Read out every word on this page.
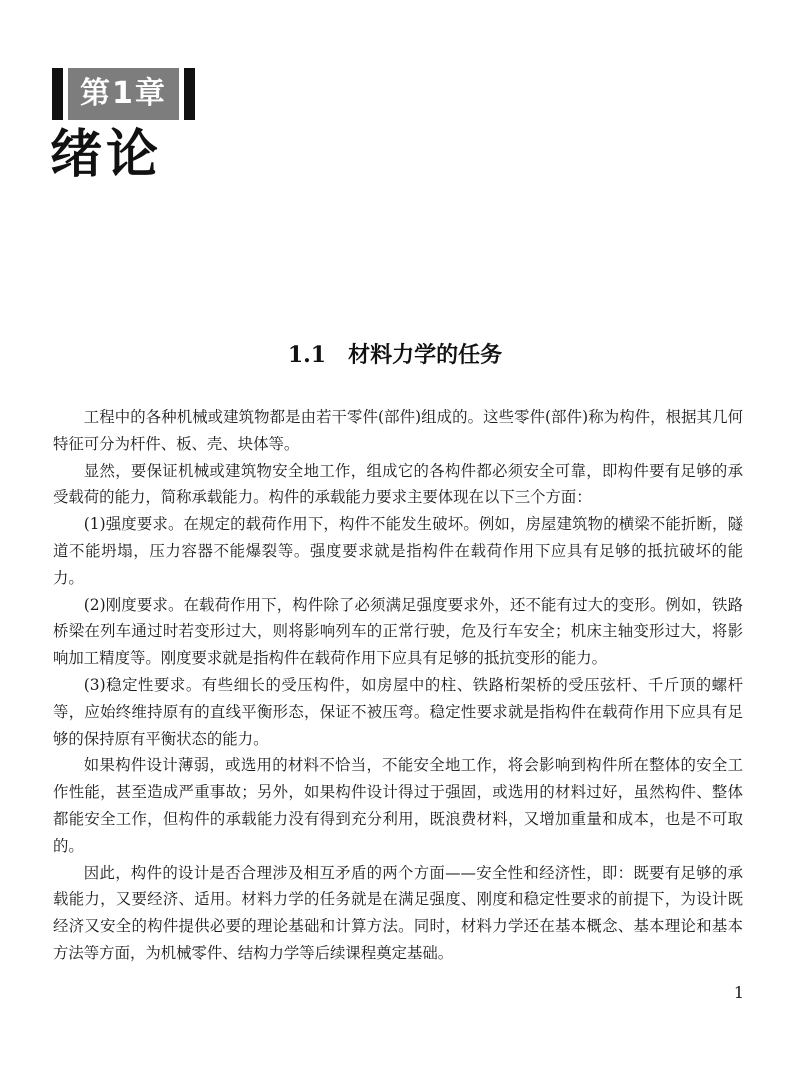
第1章
绪论
1.1 材料力学的任务

工程中的各种机械或建筑物都是由若干零件(部件)组成的。这些零件(部件)称为构件，根据其几何特征可分为杆件、板、壳、块体等。

显然，要保证机械或建筑物安全地工作，组成它的各构件都必须安全可靠，即构件要有足够的承受载荷的能力，简称承载能力。构件的承载能力要求主要体现在以下三个方面：

(1)强度要求。在规定的载荷作用下，构件不能发生破坏。例如，房屋建筑物的横梁不能折断，隧道不能坍塌，压力容器不能爆裂等。强度要求就是指构件在载荷作用下应具有足够的抵抗破坏的能力。

(2)刚度要求。在载荷作用下，构件除了必须满足强度要求外，还不能有过大的变形。例如，铁路桥梁在列车通过时若变形过大，则将影响列车的正常行驶，危及行车安全；机床主轴变形过大，将影响加工精度等。刚度要求就是指构件在载荷作用下应具有足够的抵抗变形的能力。

(3)稳定性要求。有些细长的受压构件，如房屋中的柱、铁路桁架桥的受压弦杆、千斤顶的螺杆等，应始终维持原有的直线平衡形态，保证不被压弯。稳定性要求就是指构件在载荷作用下应具有足够的保持原有平衡状态的能力。

如果构件设计薄弱，或选用的材料不恰当，不能安全地工作，将会影响到构件所在整体的安全工作性能，甚至造成严重事故；另外，如果构件设计得过于强固，或选用的材料过好，虽然构件、整体都能安全工作，但构件的承载能力没有得到充分利用，既浪费材料，又增加重量和成本，也是不可取的。

因此，构件的设计是否合理涉及相互矛盾的两个方面——安全性和经济性，即：既要有足够的承载能力，又要经济、适用。材料力学的任务就是在满足强度、刚度和稳定性要求的前提下，为设计既经济又安全的构件提供必要的理论基础和计算方法。同时，材料力学还在基本概念、基本理论和基本方法等方面，为机械零件、结构力学等后续课程奠定基础。

1
